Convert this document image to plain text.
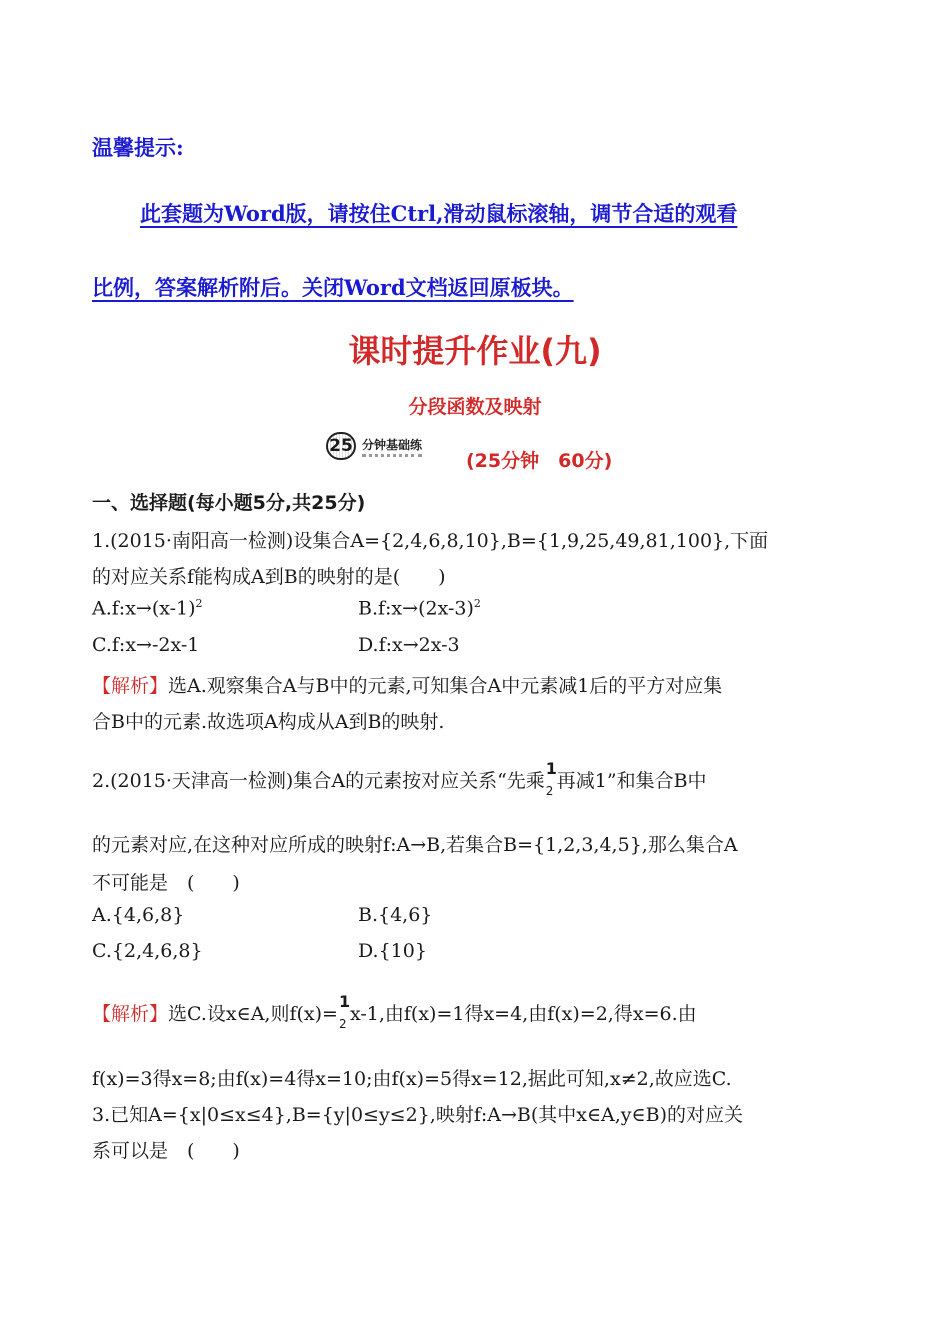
温馨提示:
此套题为Word版，请按住Ctrl,滑动鼠标滚轴，调节合适的观看
比例，答案解析附后。关闭Word文档返回原板块。
课时提升作业(九)
分段函数及映射
25 分钟基础练
(25分钟　60分)
一、选择题(每小题5分,共25分)
1.(2015·南阳高一检测)设集合A={2,4,6,8,10},B={1,9,25,49,81,100},下面
的对应关系f能构成A到B的映射的是(　　)
$A.f:x\to(x-1)^2$	$B.f:x\to(2x-3)^2$
C.f:x→-2x-1	D.f:x→2x-3
【解析】选A.观察集合A与B中的元素,可知集合A中元素减1后的平方对应集
合B中的元素.故选项A构成从A到B的映射.
2.(2015·天津高一检测)集合A的元素按对应关系“先乘
1
2 再减1”和集合B中
的元素对应,在这种对应所成的映射f:A→B,若集合B={1,2,3,4,5},那么集合A
不可能是　(　　)
A.{4,6,8}	B.{4,6}
C.{2,4,6,8}	D.{10}
【解析】选C.设x∈A,则f(x)=
1
2 x-1,由f(x)=1得x=4,由f(x)=2,得x=6.由
f(x)=3得x=8;由f(x)=4得x=10;由f(x)=5得x=12,据此可知,x≠2,故应选C.
3.已知A={x|0≤x≤4},B={y|0≤y≤2},映射f:A→B(其中x∈A,y∈B)的对应关
系可以是　(　　)
